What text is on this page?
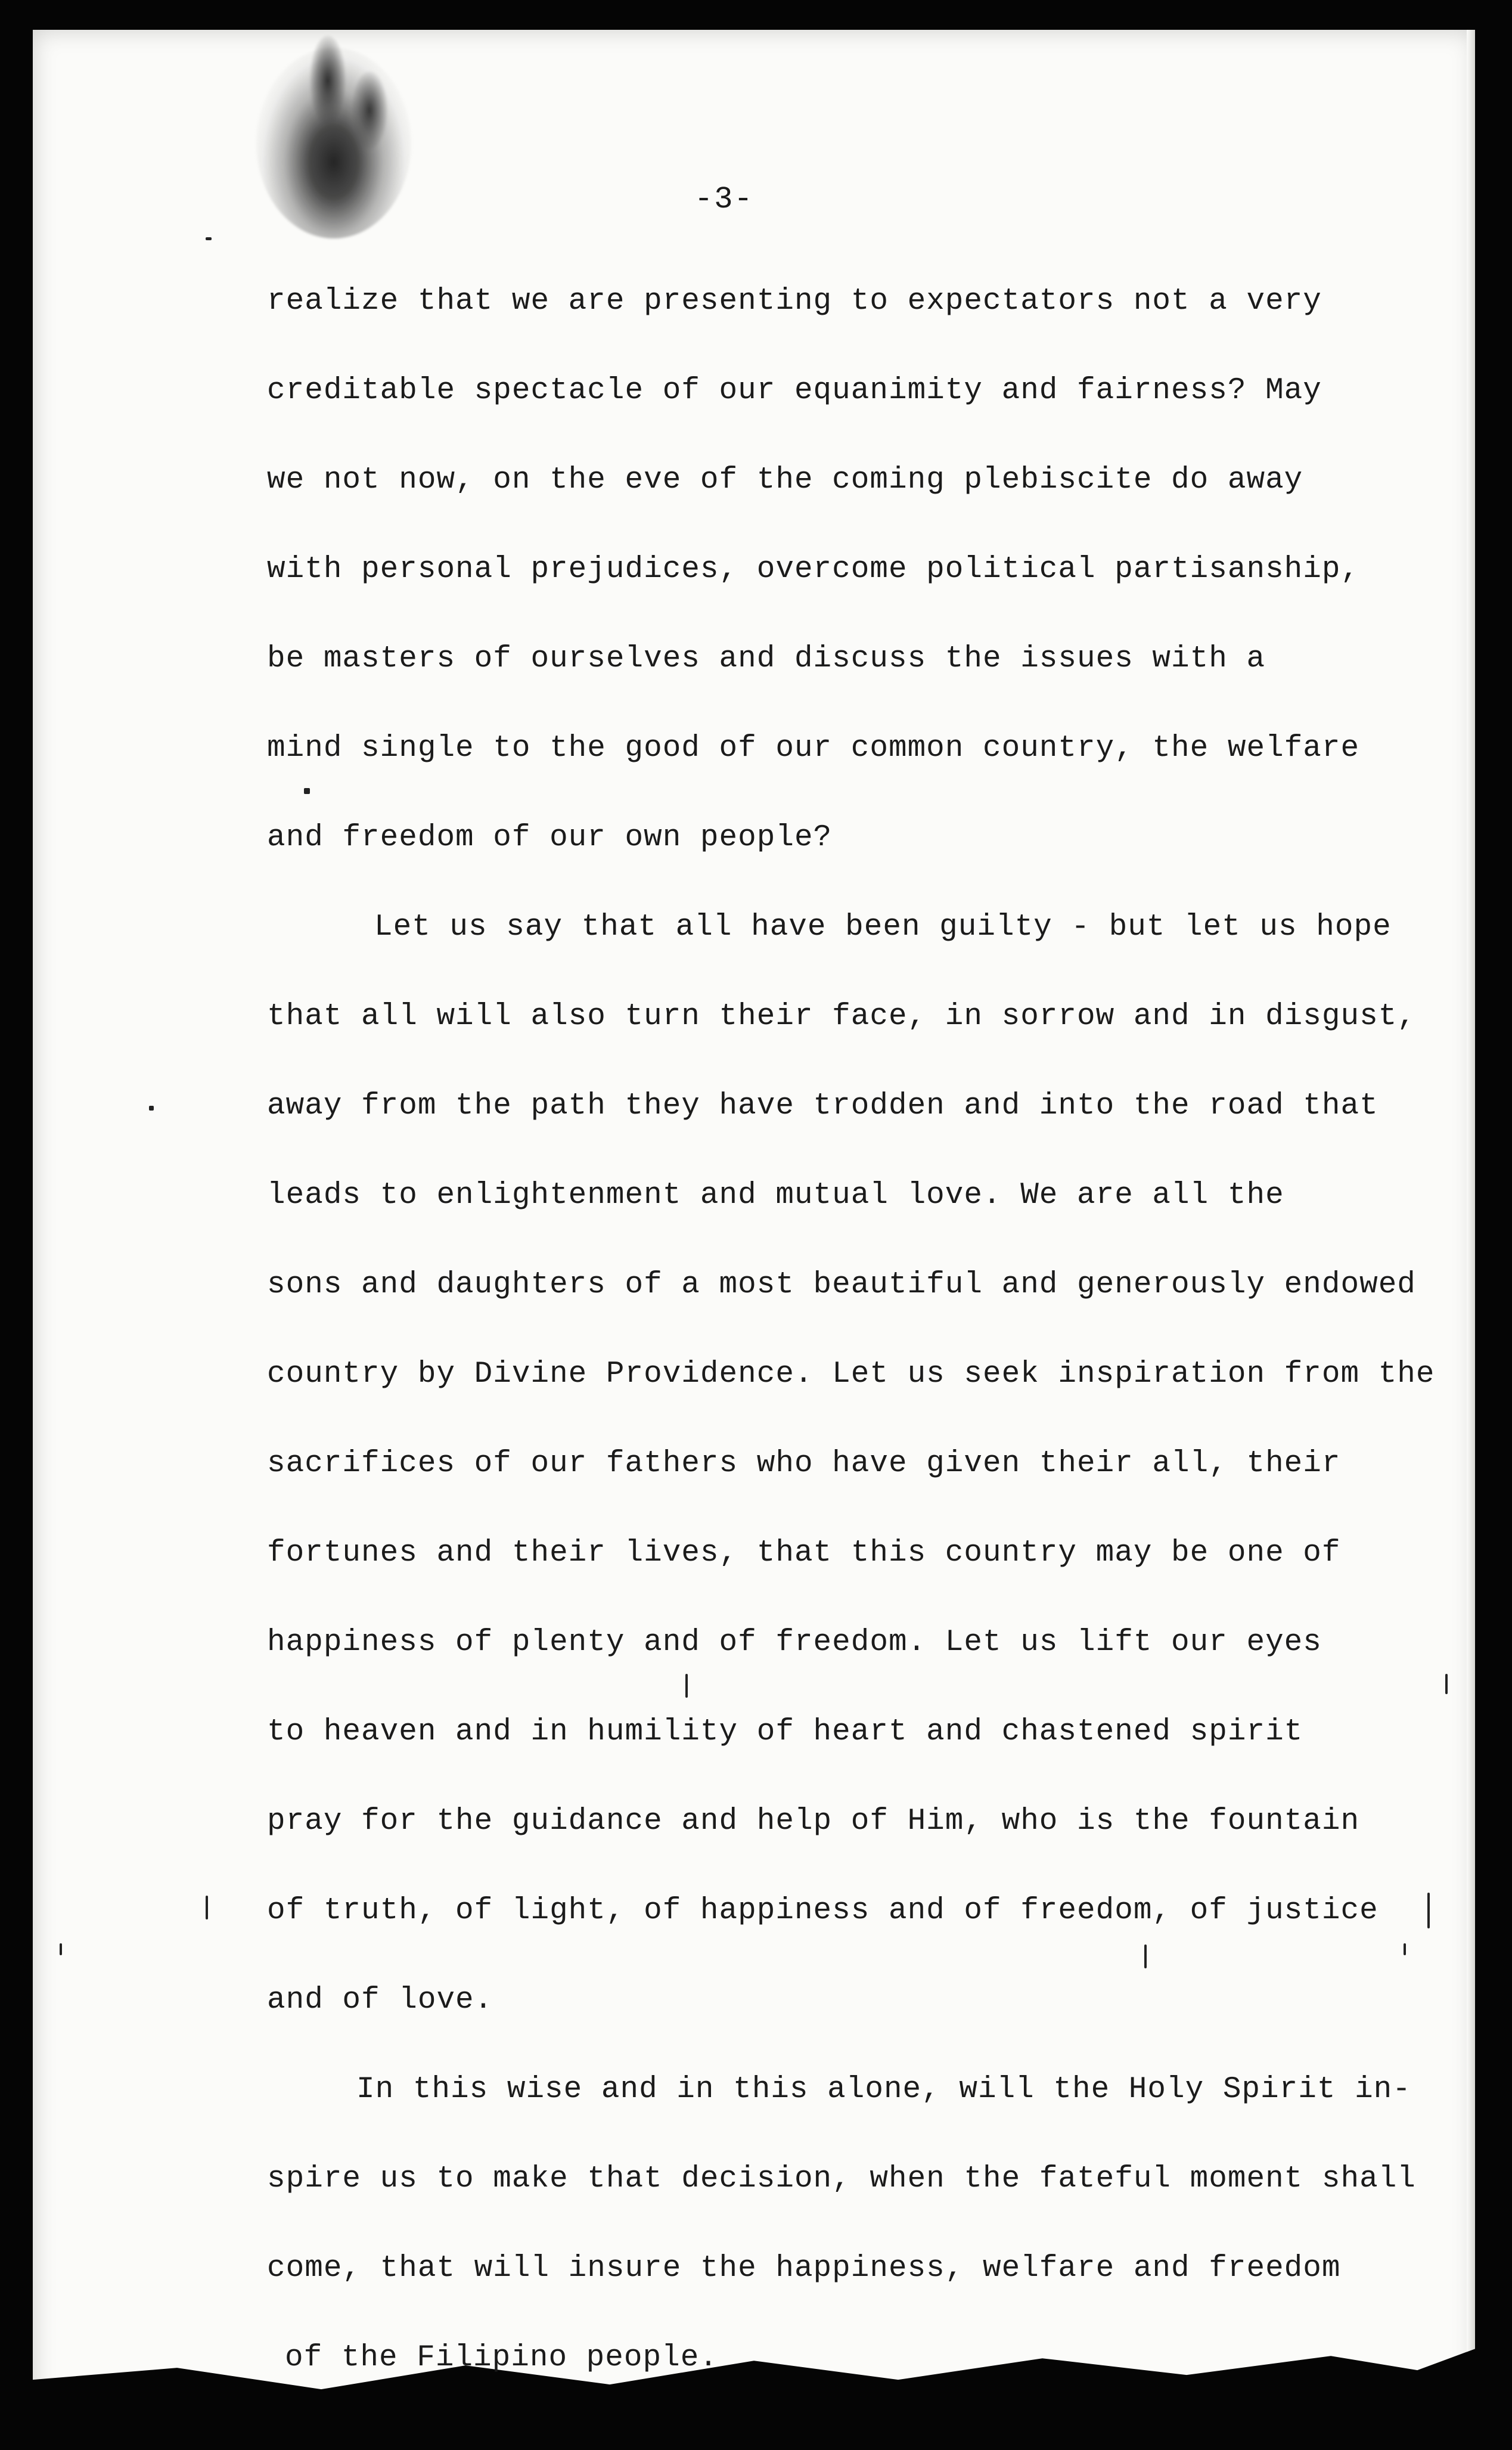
-3-
realize that we are presenting to expectators not a very
creditable spectacle of our equanimity and fairness? May
we not now, on the eve of the coming plebiscite do away
with personal prejudices, overcome political partisanship,
be masters of ourselves and discuss the issues with a
mind single to the good of our common country, the welfare
and freedom of our own people?
Let us say that all have been guilty - but let us hope
that all will also turn their face, in sorrow and in disgust,
away from the path they have trodden and into the road that
leads to enlightenment and mutual love. We are all the
sons and daughters of a most beautiful and generously endowed
country by Divine Providence. Let us seek inspiration from the
sacrifices of our fathers who have given their all, their
fortunes and their lives, that this country may be one of
happiness of plenty and of freedom. Let us lift our eyes
to heaven and in humility of heart and chastened spirit
pray for the guidance and help of Him, who is the fountain
of truth, of light, of happiness and of freedom, of justice
and of love.
In this wise and in this alone, will the Holy Spirit in-
spire us to make that decision, when the fateful moment shall
come, that will insure the happiness, welfare and freedom
of the Filipino people.
